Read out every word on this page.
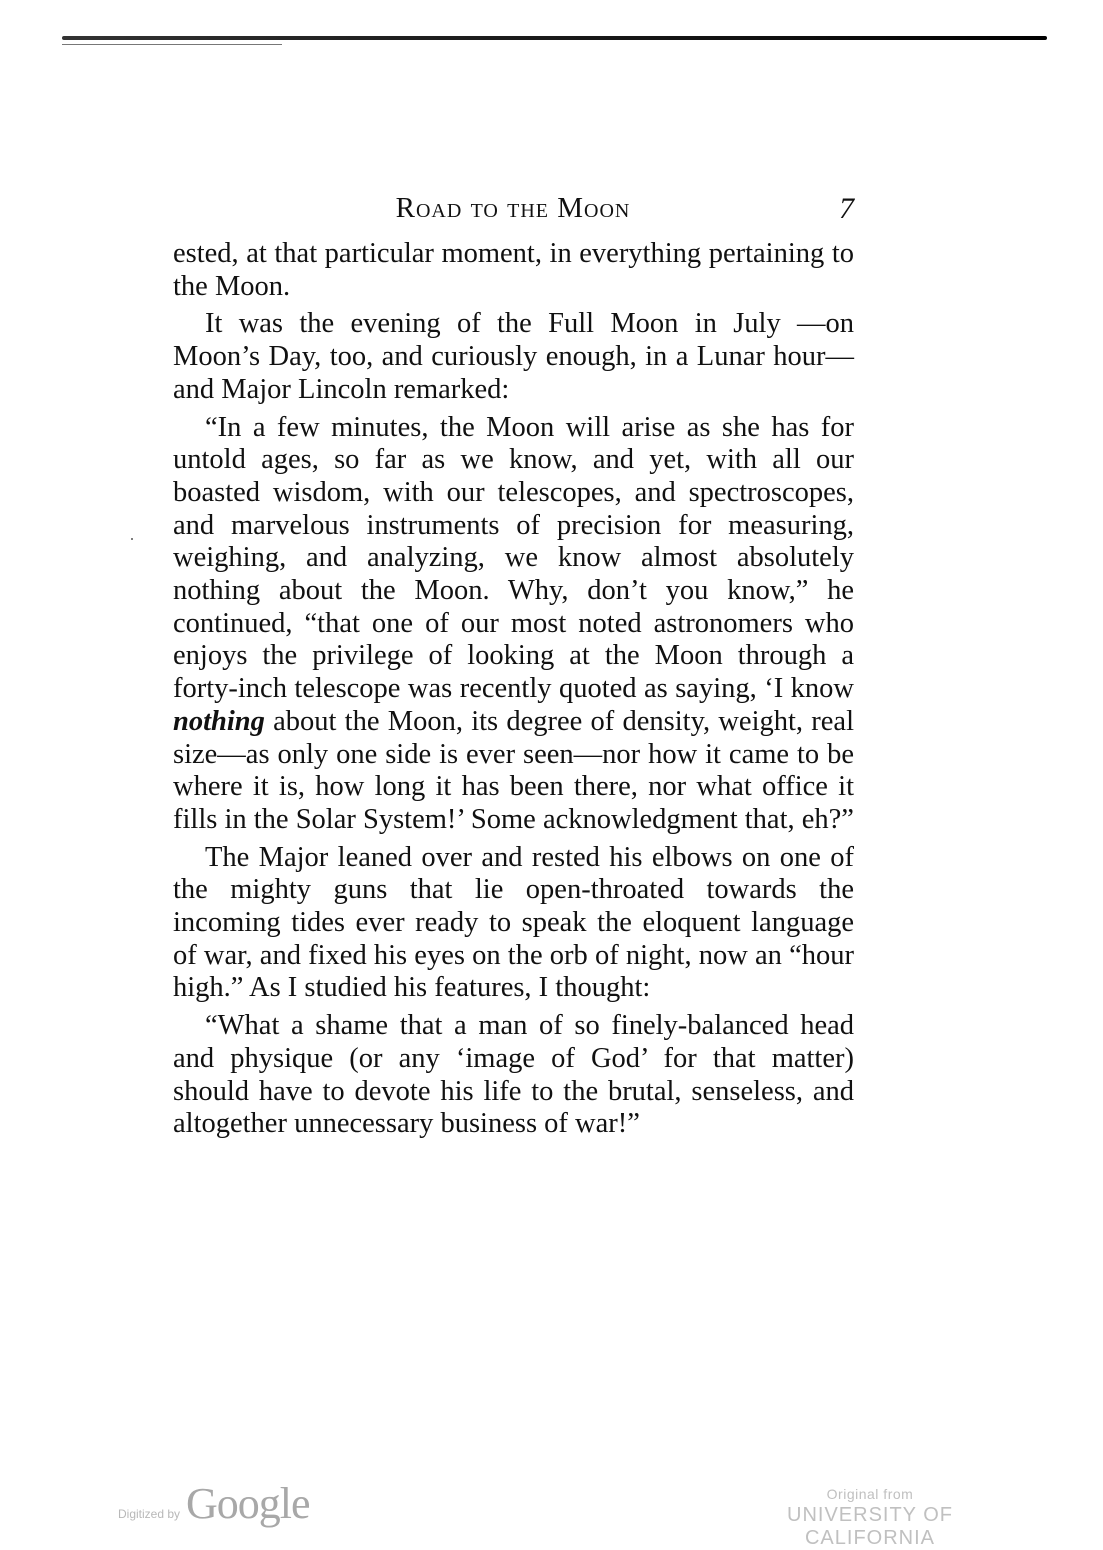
Road to the Moon	7

ested, at that particular moment, in everything pertaining to the Moon.

It was the evening of the Full Moon in July —on Moon’s Day, too, and curiously enough, in a Lunar hour—and Major Lincoln remarked:

“In a few minutes, the Moon will arise as she has for untold ages, so far as we know, and yet, with all our boasted wisdom, with our telescopes, and spectroscopes, and marvelous instruments of precision for measuring, weighing, and analyzing, we know almost absolutely nothing about the Moon. Why, don’t you know,” he continued, “that one of our most noted astronomers who enjoys the privilege of looking at the Moon through a forty-inch telescope was recently quoted as saying, ‘I know nothing about the Moon, its degree of density, weight, real size—as only one side is ever seen—nor how it came to be where it is, how long it has been there, nor what office it fills in the Solar System!’ Some acknowledgment that, eh?”

The Major leaned over and rested his elbows on one of the mighty guns that lie open-throated towards the incoming tides ever ready to speak the eloquent language of war, and fixed his eyes on the orb of night, now an “hour high.” As I studied his features, I thought:

“What a shame that a man of so finely-balanced head and physique (or any ‘image of God’ for that matter) should have to devote his life to the brutal, senseless, and altogether unnecessary business of war!”

Digitized by Google	Original from
UNIVERSITY OF CALIFORNIA
